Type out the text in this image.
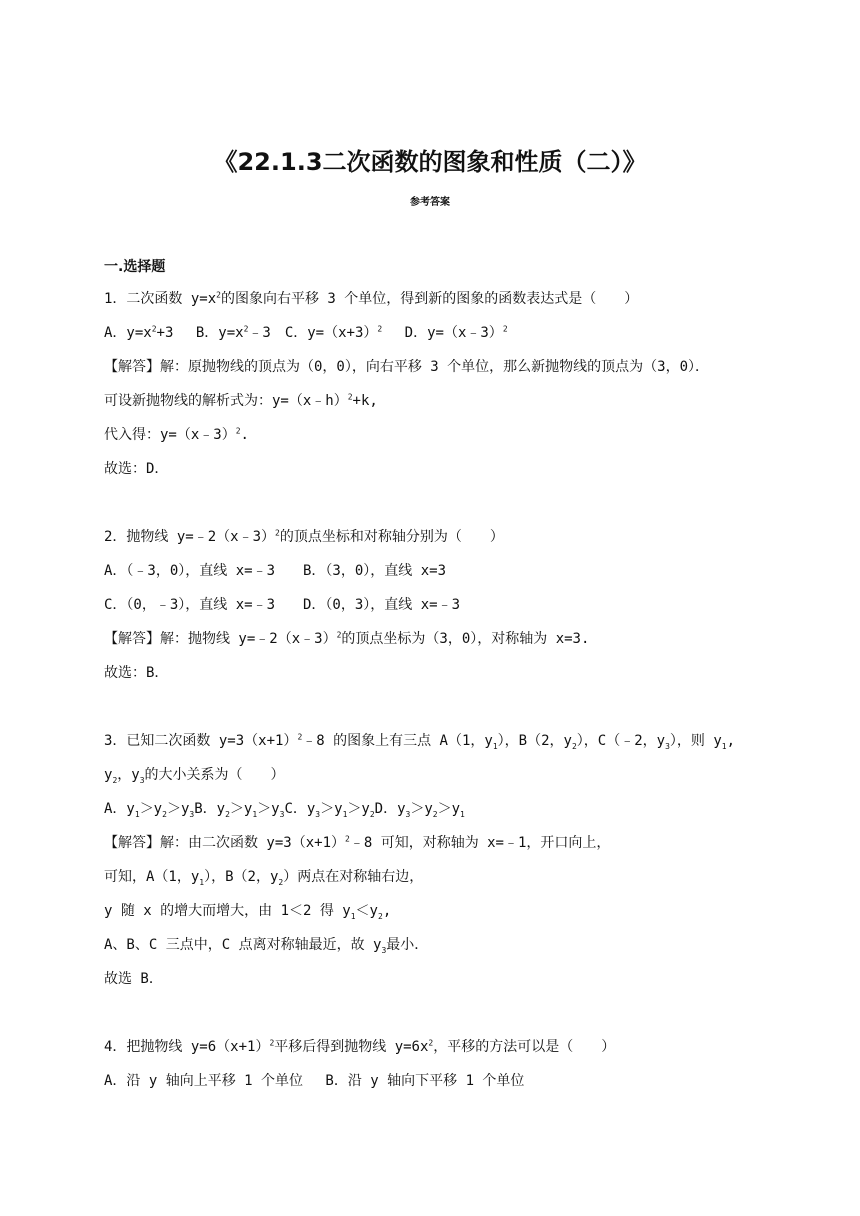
《22.1.3二次函数的图象和性质（二）》
参考答案
一.选择题
1．二次函数 $y=x^2$的图象向右平移 3 个单位，得到新的图象的函数表达式是（　　）
A．$y=x^2+3$　 B．$y=x^2﹣3$　C．$y=(x+3)^2$　 D．y=（x﹣3）$^2$
【解答】解：原抛物线的顶点为（0，0），向右平移 3 个单位，那么新抛物线的顶点为（3，0）．
可设新抛物线的解析式为：y=（x﹣h）$^2$+k,
代入得：y=（x﹣3）$^2$.
故选：D．
2．抛物线 y=﹣2（x﹣3）$^2$的顶点坐标和对称轴分别为（　　）
A．（﹣3，0），直线 x=﹣3　　B．（3，0），直线 x=3
C．（0，﹣3），直线 x=﹣3　　D．（0，3），直线 x=﹣3
【解答】解：抛物线 y=﹣2（x﹣3）$^2$的顶点坐标为（3，0），对称轴为 x=3.
故选：B．
3．已知二次函数 $y=3(x+1)^2﹣8$ 的图象上有三点 A（1，$y_1$），B（2，$y_2$），C（﹣2，$y_3$），则 $y_1$,
$y_2$，$y_3$的大小关系为（　　）
A．$y_1>y_2>y_3B$．$y_2>y_1>y_3C$．$y_3>y_1>y_2D$．$y_3>y_2>y_1$
【解答】解：由二次函数 $y=3(x+1)^2﹣8$ 可知，对称轴为 x=﹣1，开口向上，
可知，A（1，$y_1$），B（2，$y_2$）两点在对称轴右边，
y 随 x 的增大而增大，由 1＜2 得 $y_1<y_2$,
A、B、C 三点中，C 点离对称轴最近，故 $y_3$最小．
故选 B．
4．把抛物线 $y=6(x+1)^2$平移后得到抛物线 $y=6x^2$，平移的方法可以是（　　）
A．沿 y 轴向上平移 1 个单位　 B．沿 y 轴向下平移 1 个单位
